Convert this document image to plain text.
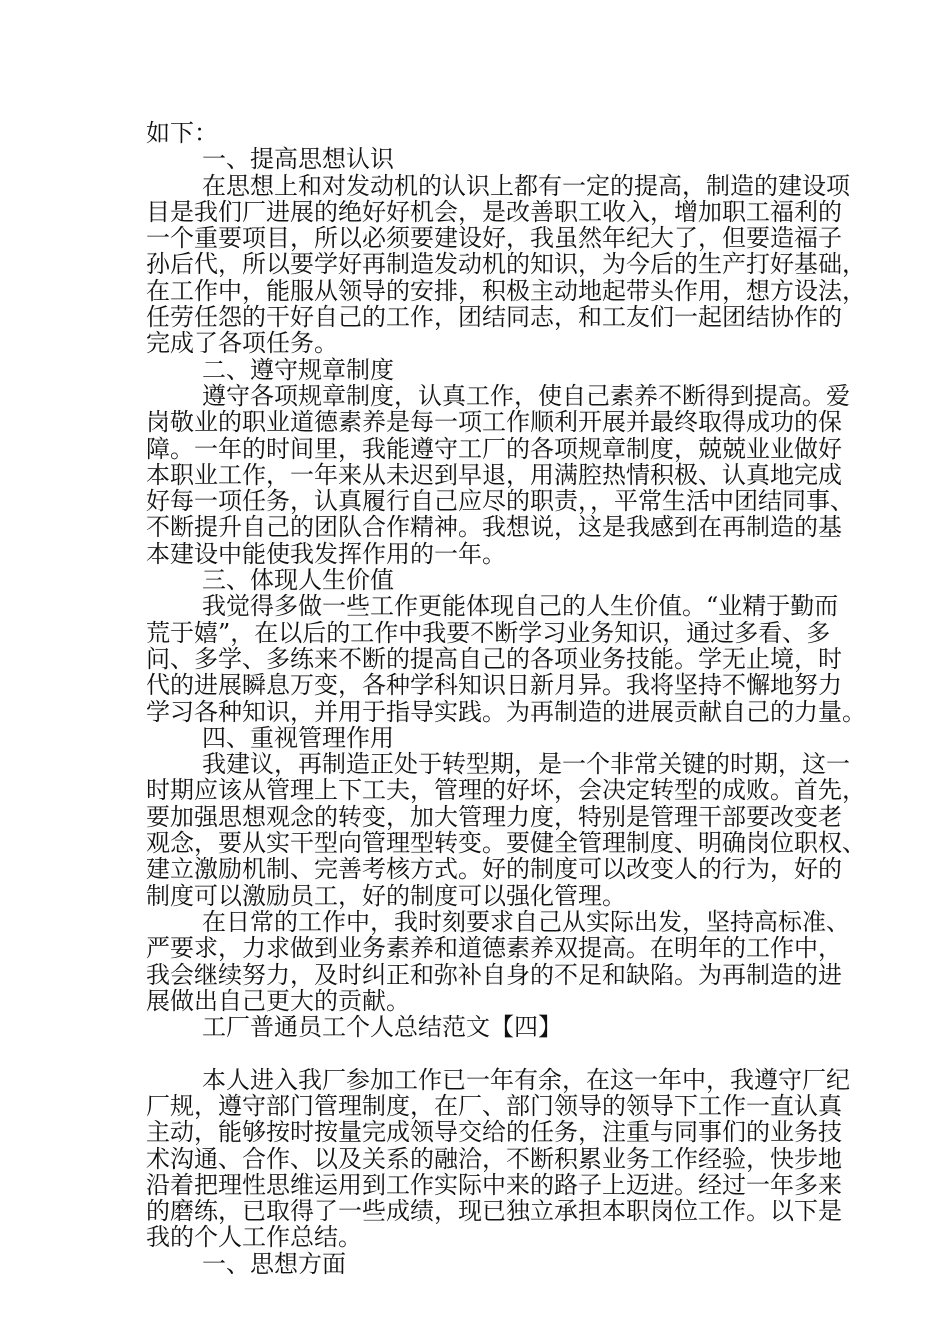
如下：
一、提高思想认识
在思想上和对发动机的认识上都有一定的提高，制造的建设项
目是我们厂进展的绝好好机会，是改善职工收入，增加职工福利的
一个重要项目，所以必须要建设好，我虽然年纪大了，但要造福子
孙后代，所以要学好再制造发动机的知识，为今后的生产打好基础，
在工作中，能服从领导的安排，积极主动地起带头作用，想方设法，
任劳任怨的干好自己的工作，团结同志，和工友们一起团结协作的
完成了各项任务。
二、遵守规章制度
遵守各项规章制度，认真工作，使自己素养不断得到提高。爱
岗敬业的职业道德素养是每一项工作顺利开展并最终取得成功的保
障。一年的时间里，我能遵守工厂的各项规章制度，兢兢业业做好
本职业工作，一年来从未迟到早退，用满腔热情积极、认真地完成
好每一项任务，认真履行自己应尽的职责，，平常生活中团结同事、
不断提升自己的团队合作精神。我想说，这是我感到在再制造的基
本建设中能使我发挥作用的一年。
三、体现人生价值
我觉得多做一些工作更能体现自己的人生价值。“业精于勤而
荒于嬉”，在以后的工作中我要不断学习业务知识，通过多看、多
问、多学、多练来不断的提高自己的各项业务技能。学无止境，时
代的进展瞬息万变，各种学科知识日新月异。我将坚持不懈地努力
学习各种知识，并用于指导实践。为再制造的进展贡献自己的力量。
四、重视管理作用
我建议，再制造正处于转型期，是一个非常关键的时期，这一
时期应该从管理上下工夫，管理的好坏，会决定转型的成败。首先，
要加强思想观念的转变，加大管理力度，特别是管理干部要改变老
观念，要从实干型向管理型转变。要健全管理制度、明确岗位职权、
建立激励机制、完善考核方式。好的制度可以改变人的行为，好的
制度可以激励员工，好的制度可以强化管理。
在日常的工作中，我时刻要求自己从实际出发，坚持高标准、
严要求，力求做到业务素养和道德素养双提高。在明年的工作中，
我会继续努力，及时纠正和弥补自身的不足和缺陷。为再制造的进
展做出自己更大的贡献。
工厂普通员工个人总结范文【四】
本人进入我厂参加工作已一年有余，在这一年中，我遵守厂纪
厂规，遵守部门管理制度，在厂、部门领导的领导下工作一直认真
主动，能够按时按量完成领导交给的任务，注重与同事们的业务技
术沟通、合作、以及关系的融洽，不断积累业务工作经验，快步地
沿着把理性思维运用到工作实际中来的路子上迈进。经过一年多来
的磨练，已取得了一些成绩，现已独立承担本职岗位工作。以下是
我的个人工作总结。
一、思想方面
